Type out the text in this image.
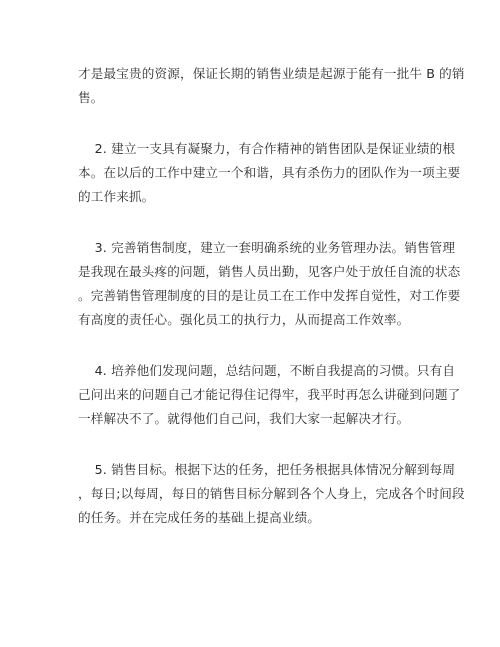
才是最宝贵的资源，保证长期的销售业绩是起源于能有一批牛 B 的销
售。
2. 建立一支具有凝聚力，有合作精神的销售团队是保证业绩的根
本。在以后的工作中建立一个和谐，具有杀伤力的团队作为一项主要
的工作来抓。
3. 完善销售制度，建立一套明确系统的业务管理办法。销售管理
是我现在最头疼的问题，销售人员出勤，见客户处于放任自流的状态
。完善销售管理制度的目的是让员工在工作中发挥自觉性，对工作要
有高度的责任心。强化员工的执行力，从而提高工作效率。
4. 培养他们发现问题，总结问题，不断自我提高的习惯。只有自
己问出来的问题自己才能记得住记得牢，我平时再怎么讲碰到问题了
一样解决不了。就得他们自己问，我们大家一起解决才行。
5. 销售目标。根据下达的任务，把任务根据具体情况分解到每周
，每日;以每周，每日的销售目标分解到各个人身上，完成各个时间段
的任务。并在完成任务的基础上提高业绩。
